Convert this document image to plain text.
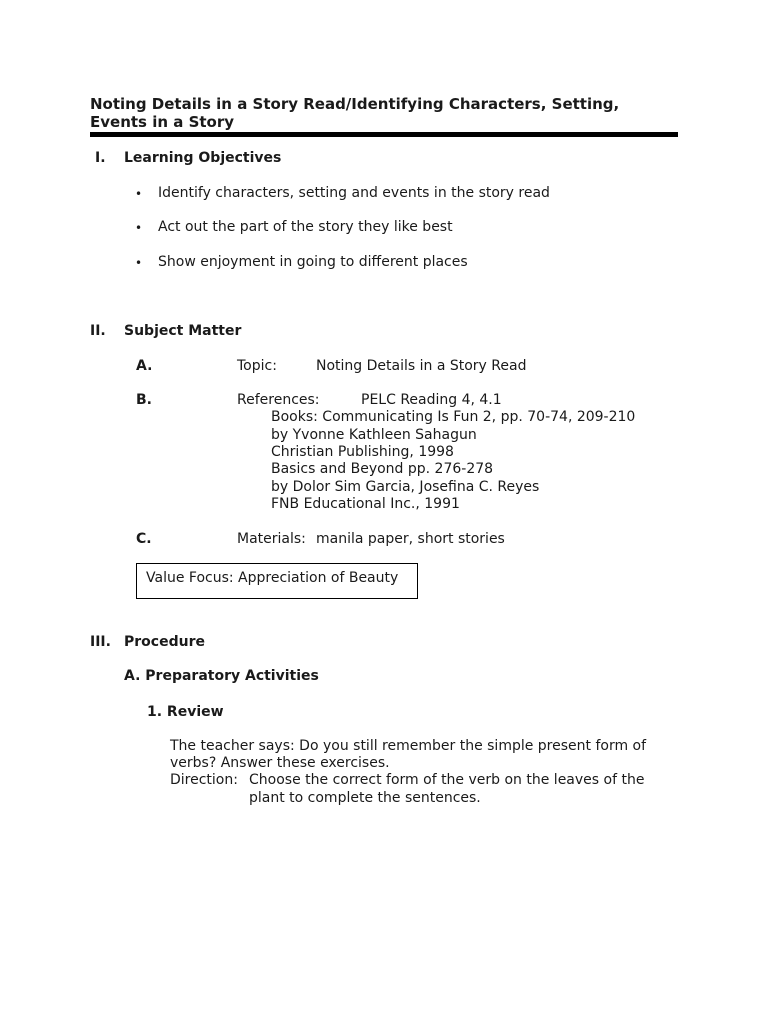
Noting Details in a Story Read/Identifying Characters, Setting,
Events in a Story
I. Learning Objectives
• Identify characters, setting and events in the story read
• Act out the part of the story they like best
• Show enjoyment in going to different places
II. Subject Matter
A.	Topic:	Noting Details in a Story Read
B.	References:	PELC Reading 4, 4.1
Books: Communicating Is Fun 2, pp. 70-74, 209-210
by Yvonne Kathleen Sahagun
Christian Publishing, 1998
Basics and Beyond pp. 276-278
by Dolor Sim Garcia, Josefina C. Reyes
FNB Educational Inc., 1991
C.	Materials: manila paper, short stories
Value Focus: Appreciation of Beauty
III. Procedure
A. Preparatory Activities
1. Review
The teacher says: Do you still remember the simple present form of
verbs? Answer these exercises.
Direction: Choose the correct form of the verb on the leaves of the
plant to complete the sentences.
